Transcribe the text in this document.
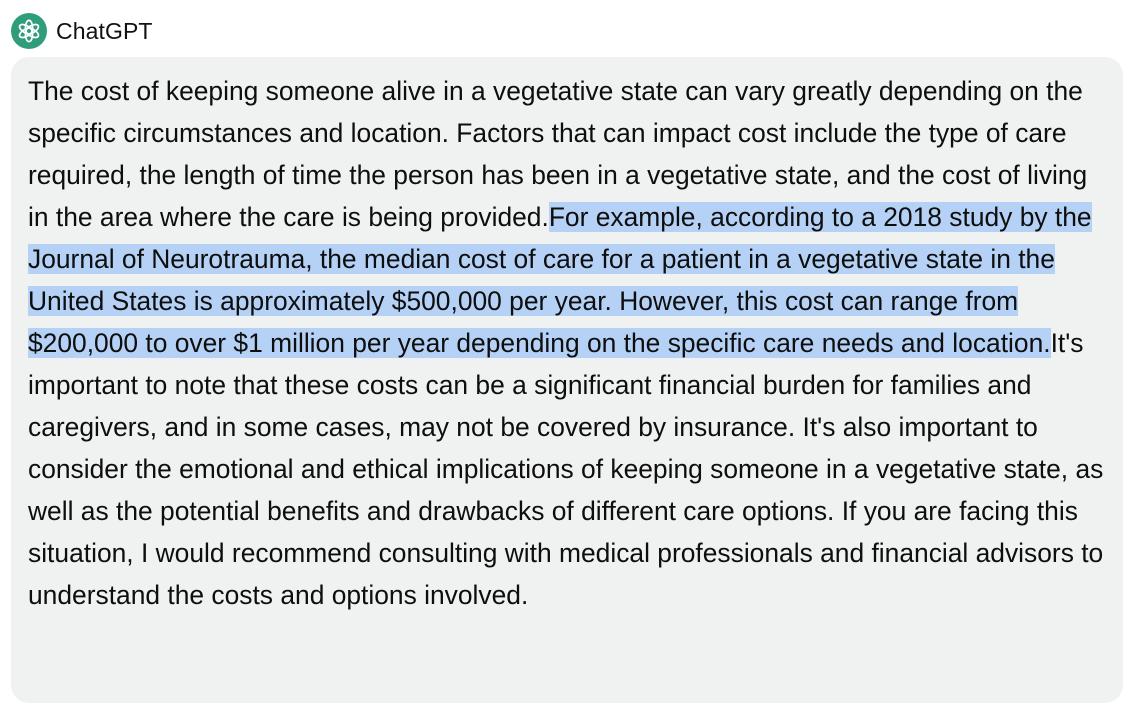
ChatGPT

The cost of keeping someone alive in a vegetative state can vary greatly depending on the specific circumstances and location. Factors that can impact cost include the type of care required, the length of time the person has been in a vegetative state, and the cost of living in the area where the care is being provided.For example, according to a 2018 study by the Journal of Neurotrauma, the median cost of care for a patient in a vegetative state in the United States is approximately $500,000 per year. However, this cost can range from $200,000 to over $1 million per year depending on the specific care needs and location.It's important to note that these costs can be a significant financial burden for families and caregivers, and in some cases, may not be covered by insurance. It's also important to consider the emotional and ethical implications of keeping someone in a vegetative state, as well as the potential benefits and drawbacks of different care options. If you are facing this situation, I would recommend consulting with medical professionals and financial advisors to understand the costs and options involved.
